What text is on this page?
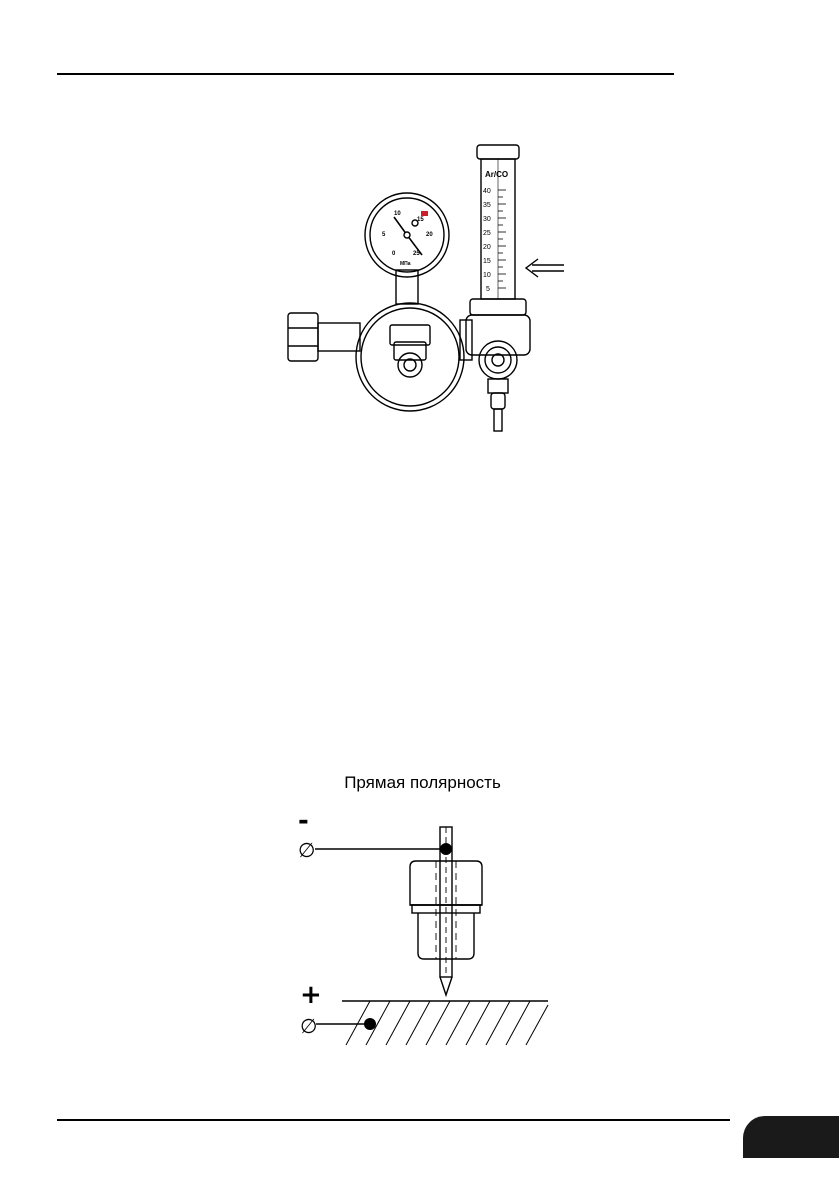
Ar/CO
40
35
30
25
20
15
10
5
10
15
5	20
0	25
МПа
Прямая полярность
-
+
∅
∅
